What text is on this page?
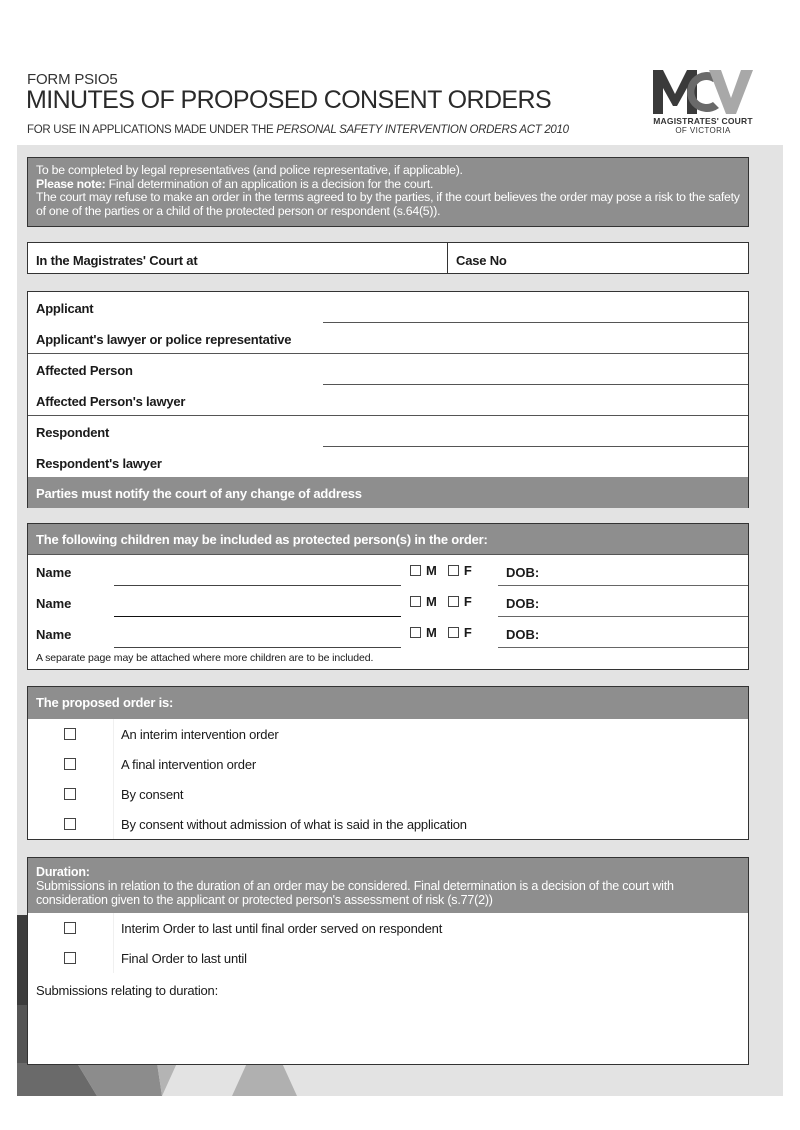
FORM PSIO5
MINUTES OF PROPOSED CONSENT ORDERS
FOR USE IN APPLICATIONS MADE UNDER THE PERSONAL SAFETY INTERVENTION ORDERS ACT 2010
MAGISTRATES' COURT
OF VICTORIA
To be completed by legal representatives (and police representative, if applicable).
Please note: Final determination of an application is a decision for the court.
The court may refuse to make an order in the terms agreed to by the parties, if the court believes the order may pose a risk to the safety of one of the parties or a child of the protected person or respondent (s.64(5)).
In the Magistrates' Court at	Case No
Applicant
Applicant's lawyer or police representative
Affected Person
Affected Person's lawyer
Respondent
Respondent's lawyer
Parties must notify the court of any change of address
The following children may be included as protected person(s) in the order:
Name	M F	DOB:
Name	M F	DOB:
Name	M F	DOB:
A separate page may be attached where more children are to be included.
The proposed order is:
An interim intervention order
A final intervention order
By consent
By consent without admission of what is said in the application
Duration:
Submissions in relation to the duration of an order may be considered. Final determination is a decision of the court with consideration given to the applicant or protected person's assessment of risk (s.77(2))
Interim Order to last until final order served on respondent
Final Order to last until
Submissions relating to duration:
